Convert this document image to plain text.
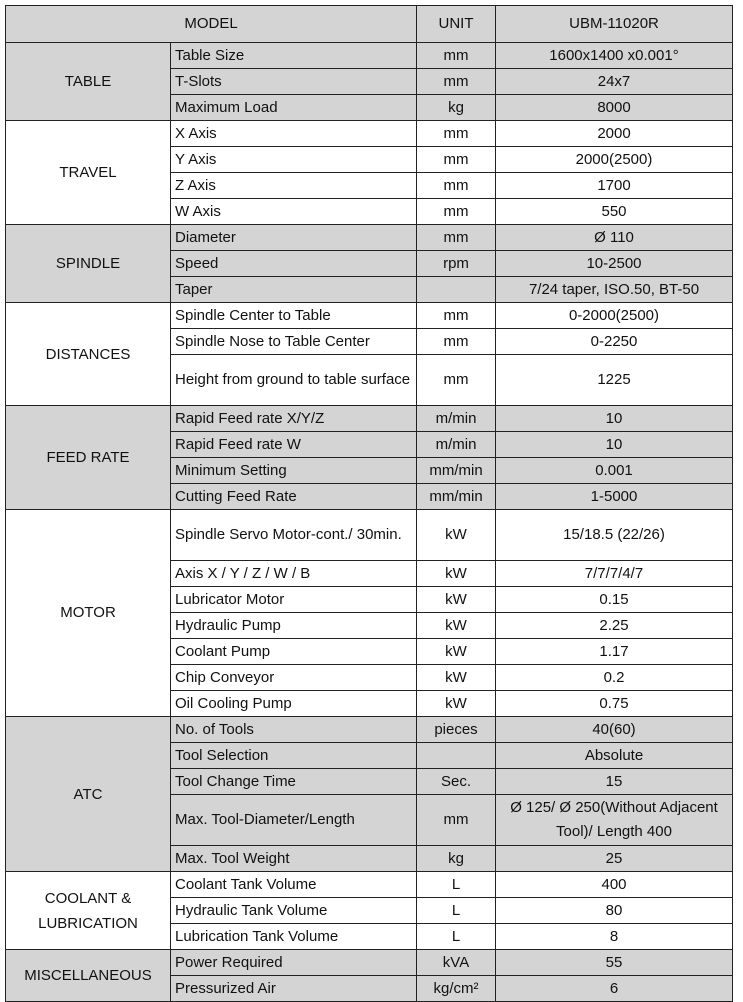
MODEL		UNIT	UBM-11020R
TABLE	Table Size	mm	1600x1400 x0.001°
	T-Slots	mm	24x7
	Maximum Load	kg	8000
TRAVEL	X Axis	mm	2000
	Y Axis	mm	2000(2500)
	Z Axis	mm	1700
	W Axis	mm	550
SPINDLE	Diameter	mm	Ø 110
	Speed	rpm	10-2500
	Taper		7/24 taper, ISO.50, BT-50
DISTANCES	Spindle Center to Table	mm	0-2000(2500)
	Spindle Nose to Table Center	mm	0-2250
	Height from ground to table surface	mm	1225
FEED RATE	Rapid Feed rate X/Y/Z	m/min	10
	Rapid Feed rate W	m/min	10
	Minimum Setting	mm/min	0.001
	Cutting Feed Rate	mm/min	1-5000
MOTOR	Spindle Servo Motor-cont./ 30min.	kW	15/18.5 (22/26)
	Axis X / Y / Z / W / B	kW	7/7/7/4/7
	Lubricator Motor	kW	0.15
	Hydraulic Pump	kW	2.25
	Coolant Pump	kW	1.17
	Chip Conveyor	kW	0.2
	Oil Cooling Pump	kW	0.75
ATC	No. of Tools	pieces	40(60)
	Tool Selection		Absolute
	Tool Change Time	Sec.	15
	Max. Tool-Diameter/Length	mm	Ø 125/ Ø 250(Without Adjacent Tool)/ Length 400
	Max. Tool Weight	kg	25
COOLANT & LUBRICATION	Coolant Tank Volume	L	400
	Hydraulic Tank Volume	L	80
	Lubrication Tank Volume	L	8
MISCELLANEOUS	Power Required	kVA	55
	Pressurized Air	kg/cm²	6
